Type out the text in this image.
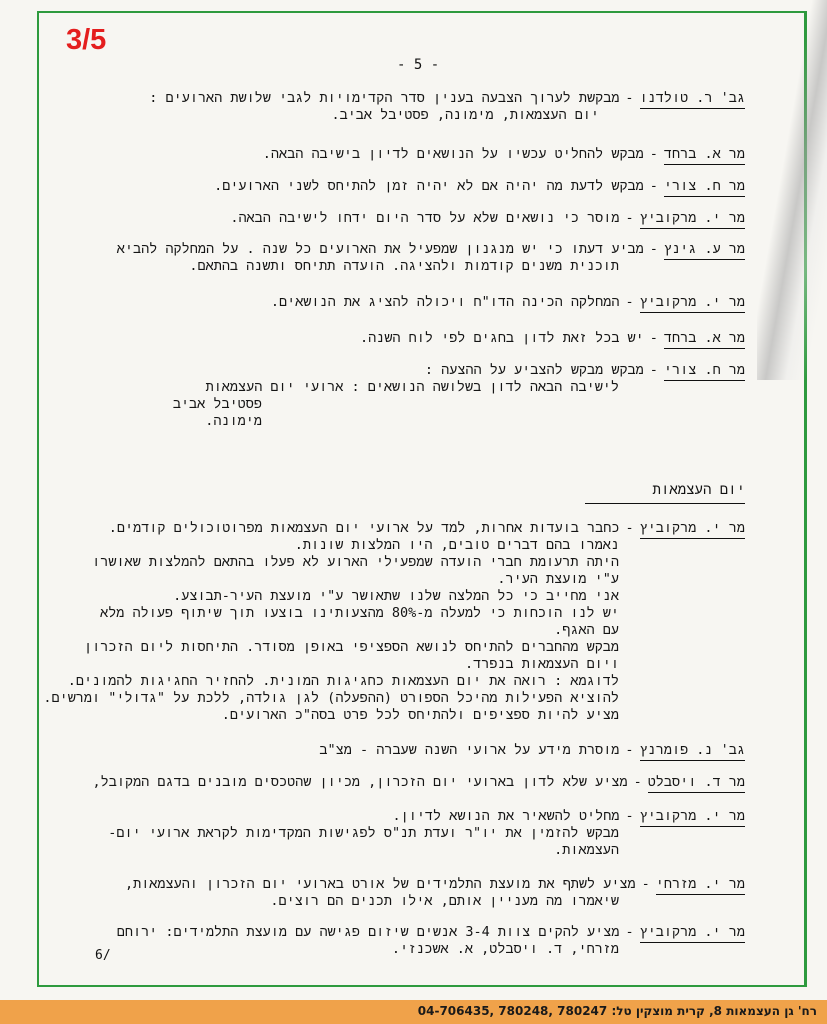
3/5
- 5 -
גב' ר. טולדנו-מבקשת לערוך הצבעה בענין סדר הקדימויות לגבי שלושת הארועים :
יום העצמאות, מימונה, פסטיבל אביב.
מר א. ברחד-מבקש להחליט עכשיו על הנושאים לדיון בישיבה הבאה.
מר ח. צורי-מבקש לדעת מה יהיה אם לא יהיה זמן להתיחס לשני הארועים.
מר י. מרקוביץ-מוסר כי נושאים שלא על סדר היום ידחו לישיבה הבאה.
מר ע. גינץ-מביע דעתו כי יש מנגנון שמפעיל את הארועים כל שנה . על המחלקה להביא
תוכנית משנים קודמות ולהציגה. הועדה תתיחס ותשנה בהתאם.
מר י. מרקוביץ-המחלקה הכינה הדו"ח ויכולה להציג את הנושאים.
מר א. ברחד-יש בכל זאת לדון בחגים לפי לוח השנה.
מר ח. צורי-מבקש מבקש להצביע על ההצעה :
לישיבה הבאה לדון בשלושה הנושאים : ארועי יום העצמאות
פסטיבל אביב
מימונה.
יום העצמאות
מר י. מרקוביץ-כחבר בועדות אחרות, למד על ארועי יום העצמאות מפרוטוכולים קודמים.
נאמרו בהם דברים טובים, היו המלצות שונות.
היתה תרעומת חברי הועדה שמפעילי הארוע לא פעלו בהתאם להמלצות שאושרו
ע"י מועצת העיר.
אני מחייב כי כל המלצה שלנו שתאושר ע"י מועצת העיר-תבוצע.
יש לנו הוכחות כי למעלה מ-80% מהצעותינו בוצעו תוך שיתוף פעולה מלא
עם האגף.
מבקש מהחברים להתיחס לנושא הספציפי באופן מסודר. התיחסות ליום הזכרון
ויום העצמאות בנפרד.
לדוגמא : רואה את יום העצמאות כחגיגות המונית. להחזיר החגיגות להמונים.
להוציא הפעילות מהיכל הספורט (ההפעלה) לגן גולדה, ללכת על "גדולי" ומרשים.
מציע להיות ספציפים ולהתיחס לכל פרט בסה"כ הארועים.
גב' נ. פומרנץ-מוסרת מידע על ארועי השנה שעברה - מצ"ב
מר ד. ויסבלט-מציע שלא לדון בארועי יום הזכרון, מכיון שהטכסים מובנים בדגם המקובל,
מר י. מרקוביץ-מחליט להשאיר את הנושא לדיון.
מבקש להזמין את יו"ר ועדת תנ"ס לפגישות המקדימות לקראת ארועי יום-
העצמאות.
מר י. מזרחי-מציע לשתף את מועצת התלמידים של אורט בארועי יום הזכרון והעצמאות,
שיאמרו מה מעניין אותם, אילו תכנים הם רוצים.
מר י. מרקוביץ-מציע להקים צוות 3-4 אנשים שיזום פגישה עם מועצת התלמידים: ירוחם
מזרחי, ד. ויסבלט, א. אשכנזי.
6/
רח' גן העצמאות 8, קרית מוצקין טל: 780247 ,780248 ,04-706435
